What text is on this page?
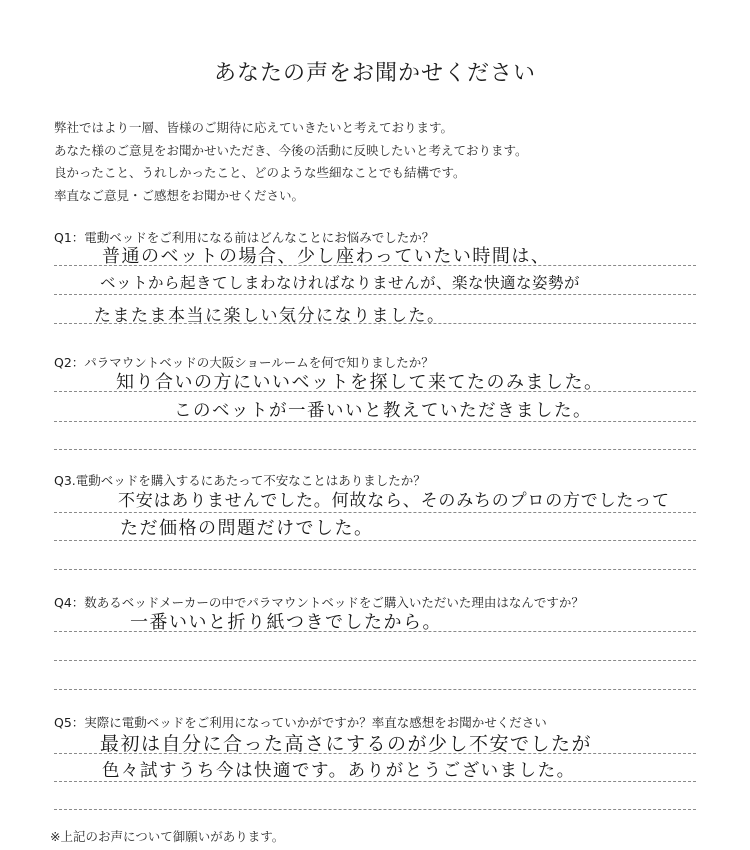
あなたの声をお聞かせください
弊社ではより一層、皆様のご期待に応えていきたいと考えております。
あなた様のご意見をお聞かせいただき、今後の活動に反映したいと考えております。
良かったこと、うれしかったこと、どのような些細なことでも結構です。
率直なご意見・ご感想をお聞かせください。
Q1：電動ベッドをご利用になる前はどんなことにお悩みでしたか？
普通のベットの場合、少し座わっていたい時間は、
ベットから起きてしまわなければなりませんが、楽な快適な姿勢が
たまたま本当に楽しい気分になりました。
Q2：パラマウントベッドの大阪ショールームを何で知りましたか？
知り合いの方にいいベットを探して来てたのみました。
このベットが一番いいと教えていただきました。
Q3.電動ベッドを購入するにあたって不安なことはありましたか？
不安はありませんでした。何故なら、そのみちのプロの方でしたって
ただ価格の問題だけでした。
Q4：数あるベッドメーカーの中でパラマウントベッドをご購入いただいた理由はなんですか？
一番いいと折り紙つきでしたから。
Q5：実際に電動ベッドをご利用になっていかがですか？率直な感想をお聞かせください
最初は自分に合った高さにするのが少し不安でしたが
色々試すうち今は快適です。ありがとうございました。
※上記のお声について御願いがあります。
